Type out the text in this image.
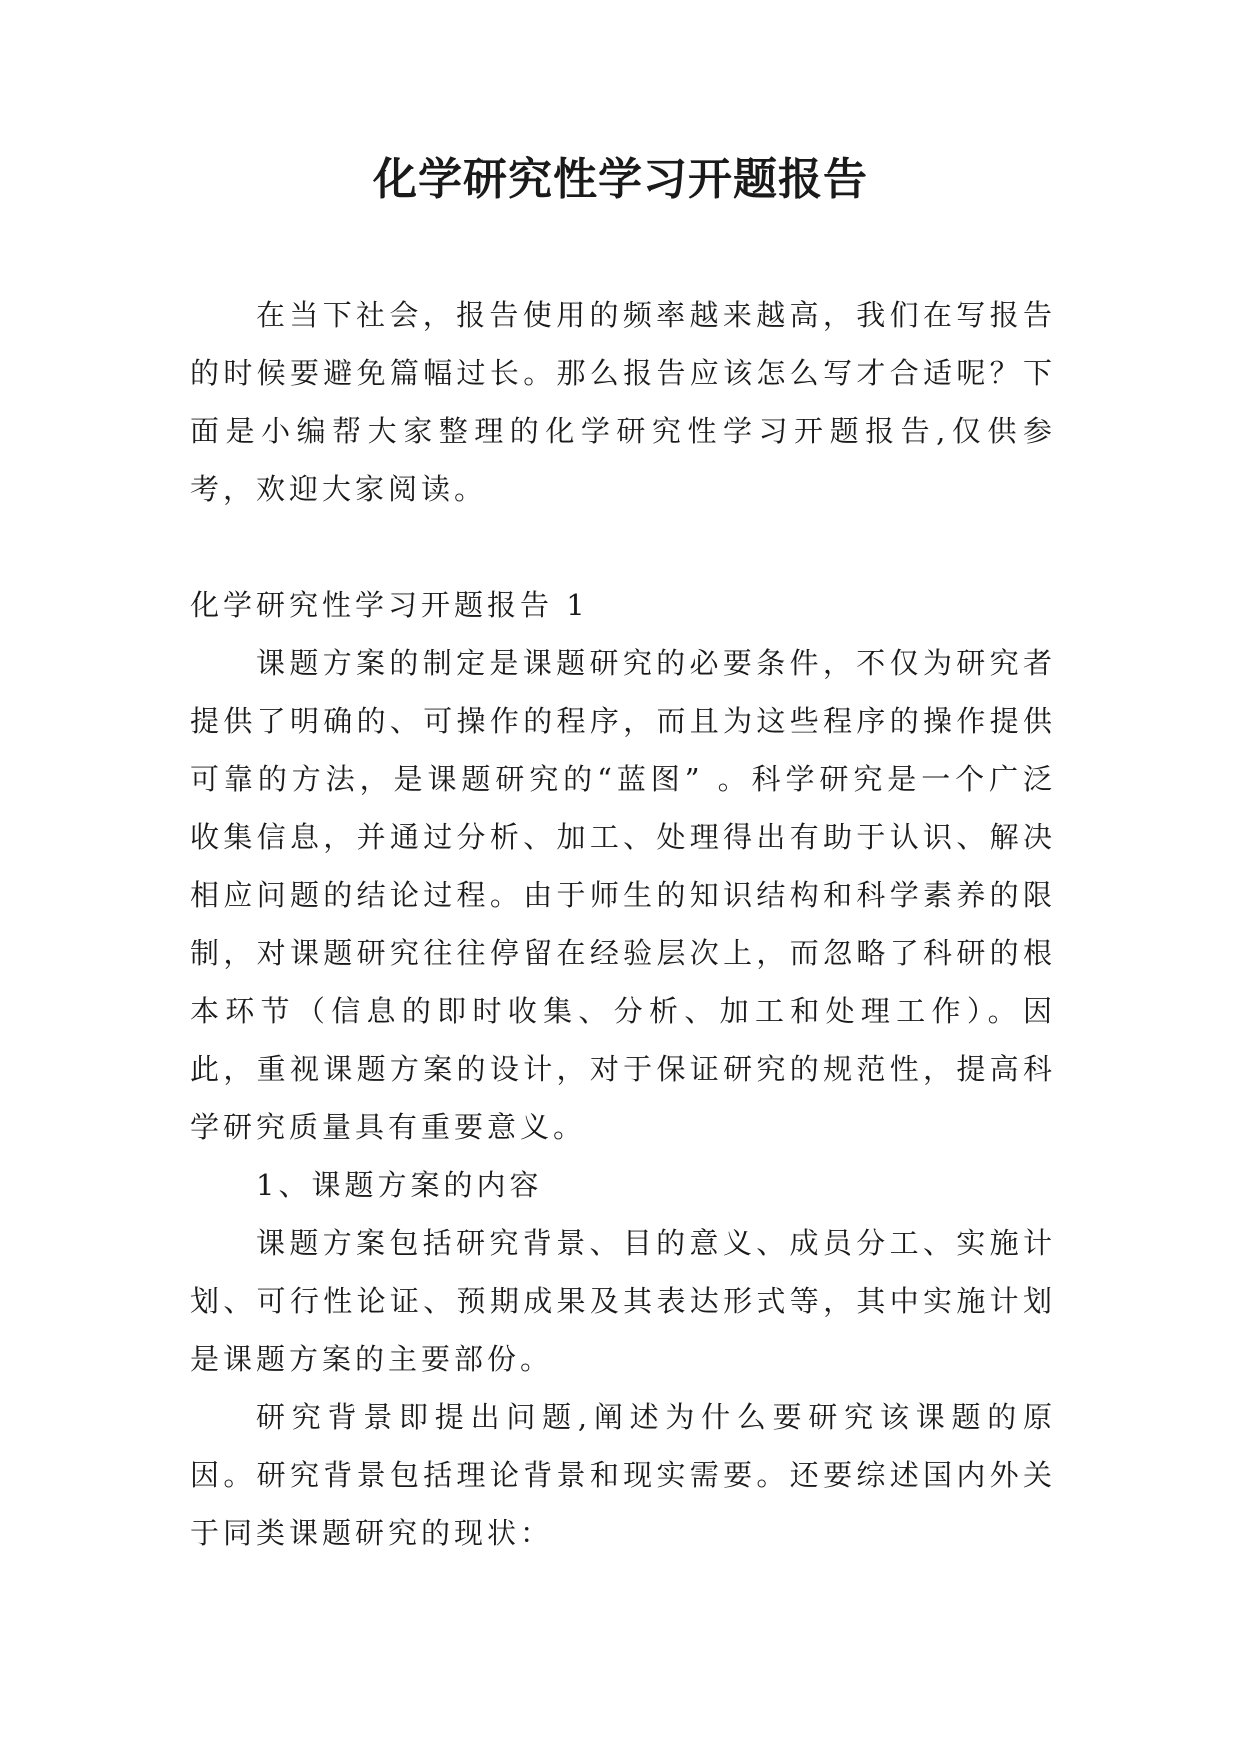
化学研究性学习开题报告

在当下社会，报告使用的频率越来越高，我们在写报告的时候要避免篇幅过长。那么报告应该怎么写才合适呢？下面是小编帮大家整理的化学研究性学习开题报告,仅供参考，欢迎大家阅读。

化学研究性学习开题报告 1

课题方案的制定是课题研究的必要条件，不仅为研究者提供了明确的、可操作的程序，而且为这些程序的操作提供可靠的方法，是课题研究的“蓝图” 。科学研究是一个广泛收集信息，并通过分析、加工、处理得出有助于认识、解决相应问题的结论过程。由于师生的知识结构和科学素养的限制，对课题研究往往停留在经验层次上，而忽略了科研的根本环节（信息的即时收集、分析、加工和处理工作）。因此，重视课题方案的设计，对于保证研究的规范性，提高科学研究质量具有重要意义。

1、课题方案的内容

课题方案包括研究背景、目的意义、成员分工、实施计划、可行性论证、预期成果及其表达形式等，其中实施计划是课题方案的主要部份。

研究背景即提出问题,阐述为什么要研究该课题的原因。研究背景包括理论背景和现实需要。还要综述国内外关于同类课题研究的现状：
